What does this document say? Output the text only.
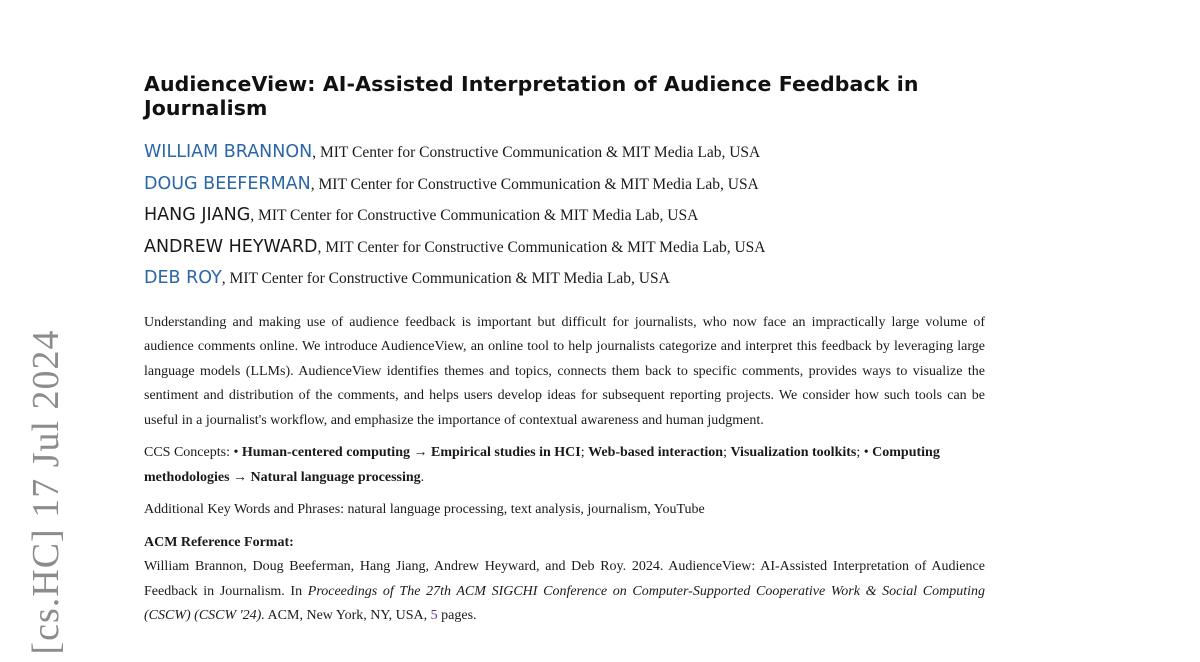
[cs.HC] 17 Jul 2024
AudienceView: AI-Assisted Interpretation of Audience Feedback in Journalism
WILLIAM BRANNON, MIT Center for Constructive Communication & MIT Media Lab, USA
DOUG BEEFERMAN, MIT Center for Constructive Communication & MIT Media Lab, USA
HANG JIANG, MIT Center for Constructive Communication & MIT Media Lab, USA
ANDREW HEYWARD, MIT Center for Constructive Communication & MIT Media Lab, USA
DEB ROY, MIT Center for Constructive Communication & MIT Media Lab, USA

Understanding and making use of audience feedback is important but difficult for journalists, who now face an impractically large volume of audience comments online. We introduce AudienceView, an online tool to help journalists categorize and interpret this feedback by leveraging large language models (LLMs). AudienceView identifies themes and topics, connects them back to specific comments, provides ways to visualize the sentiment and distribution of the comments, and helps users develop ideas for subsequent reporting projects. We consider how such tools can be useful in a journalist's workflow, and emphasize the importance of contextual awareness and human judgment.

CCS Concepts: • Human-centered computing → Empirical studies in HCI; Web-based interaction; Visualization toolkits; • Computing methodologies → Natural language processing.

Additional Key Words and Phrases: natural language processing, text analysis, journalism, YouTube

ACM Reference Format:

William Brannon, Doug Beeferman, Hang Jiang, Andrew Heyward, and Deb Roy. 2024. AudienceView: AI-Assisted Interpretation of Audience Feedback in Journalism. In Proceedings of The 27th ACM SIGCHI Conference on Computer-Supported Cooperative Work & Social Computing (CSCW) (CSCW '24). ACM, New York, NY, USA, 5 pages.
